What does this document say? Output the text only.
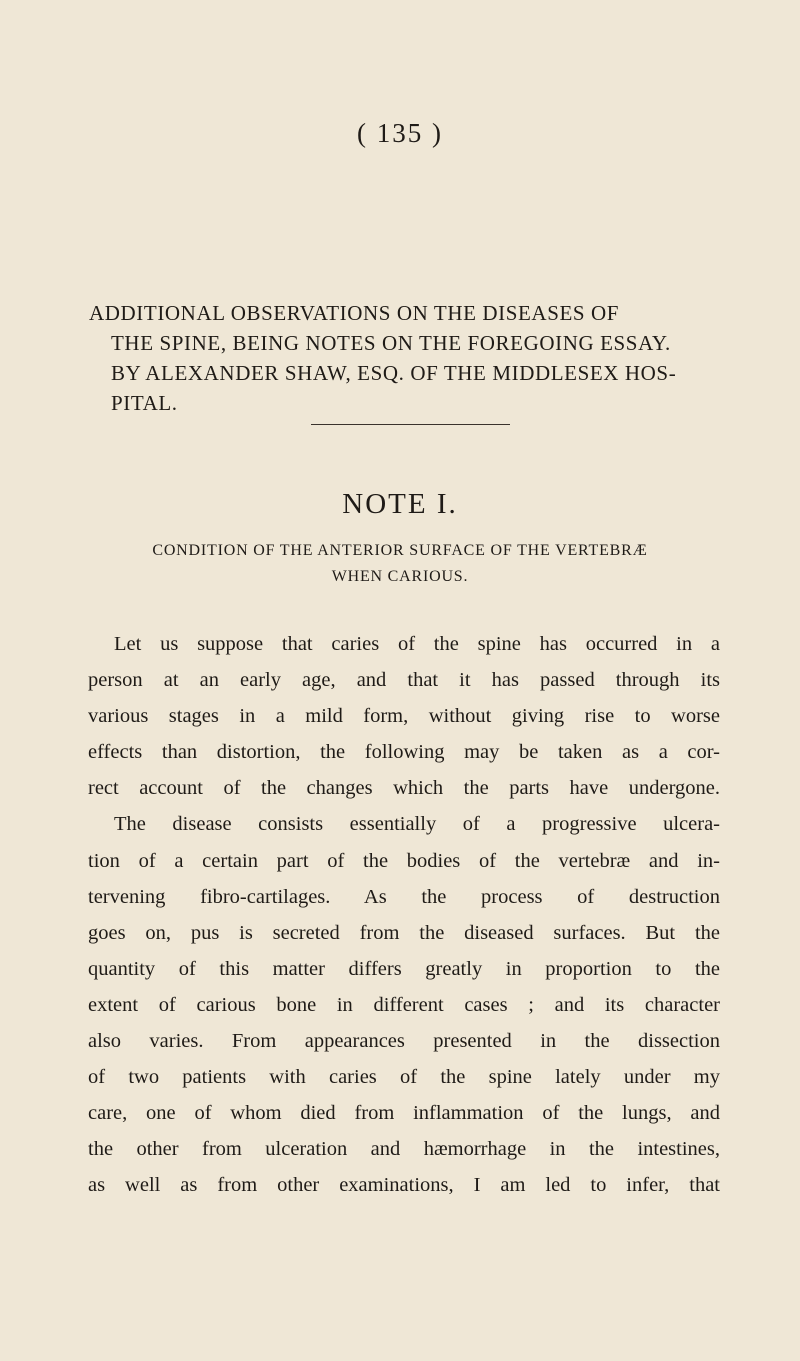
( 135 )
ADDITIONAL OBSERVATIONS ON THE DISEASES OF
THE SPINE, BEING NOTES ON THE FOREGOING ESSAY.
BY ALEXANDER SHAW, ESQ. OF THE MIDDLESEX HOS-
PITAL.
NOTE I.
CONDITION OF THE ANTERIOR SURFACE OF THE VERTEBRÆ
WHEN CARIOUS.
Let us suppose that caries of the spine has occurred in a
person at an early age, and that it has passed through its
various stages in a mild form, without giving rise to worse
effects than distortion, the following may be taken as a cor-
rect account of the changes which the parts have undergone.
The disease consists essentially of a progressive ulcera-
tion of a certain part of the bodies of the vertebræ and in-
tervening fibro-cartilages. As the process of destruction
goes on, pus is secreted from the diseased surfaces. But the
quantity of this matter differs greatly in proportion to the
extent of carious bone in different cases ; and its character
also varies. From appearances presented in the dissection
of two patients with caries of the spine lately under my
care, one of whom died from inflammation of the lungs, and
the other from ulceration and hæmorrhage in the intestines,
as well as from other examinations, I am led to infer, that
